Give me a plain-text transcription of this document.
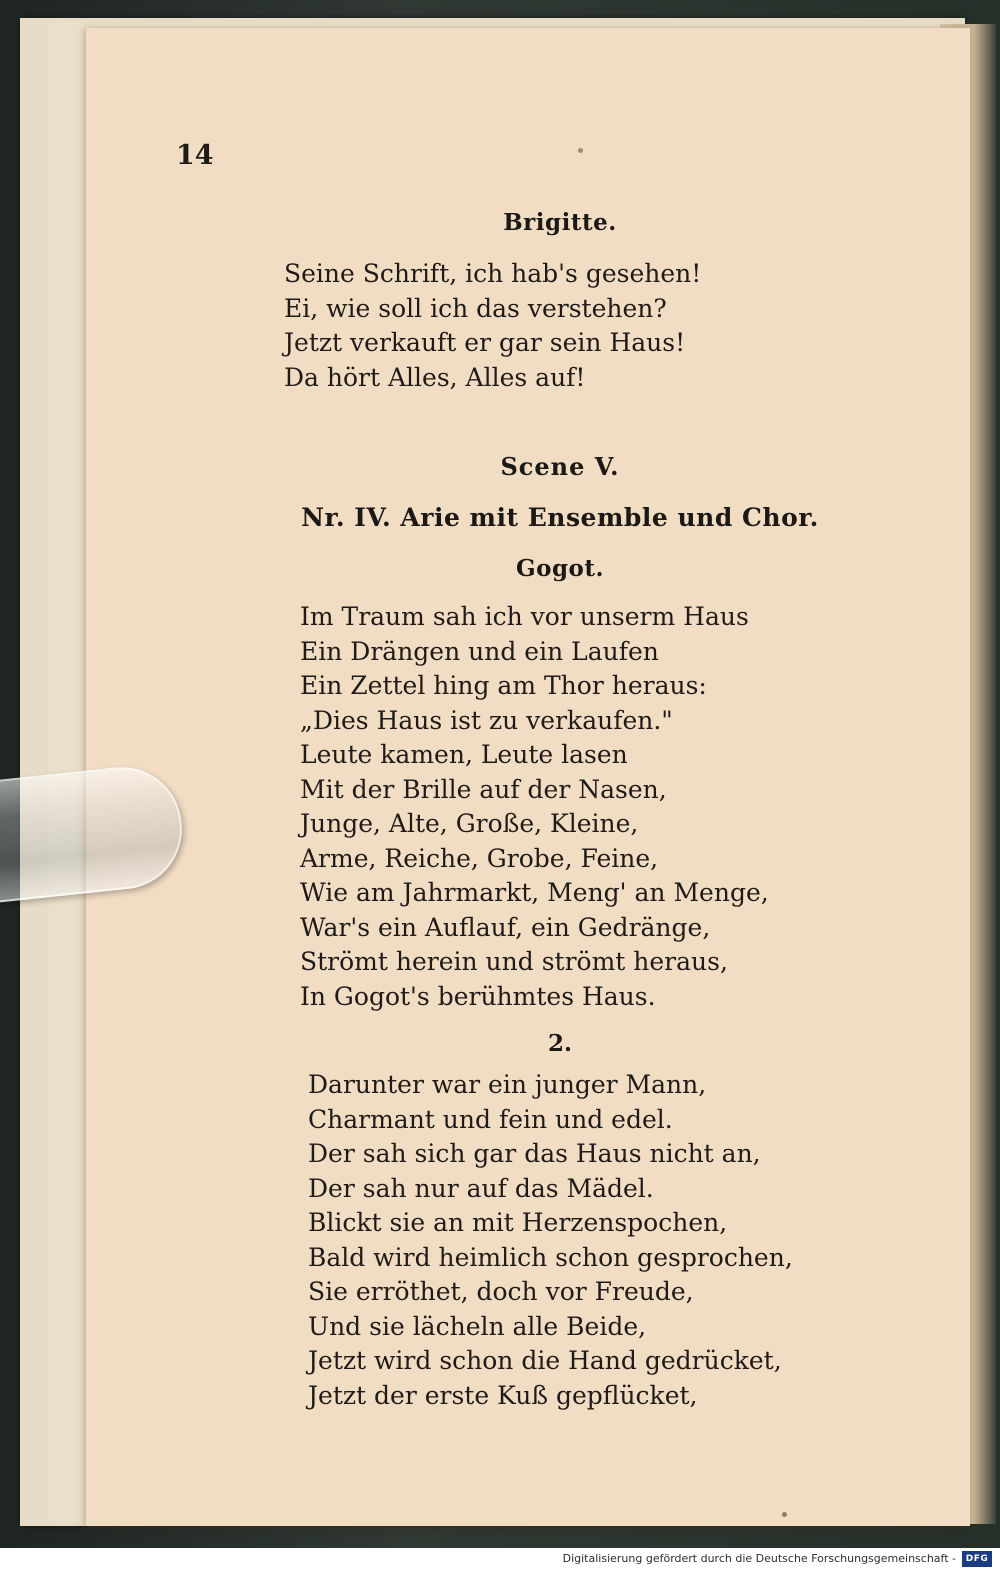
14
Brigitte.
Seine Schrift, ich hab's gesehen!
Ei, wie soll ich das verstehen?
Jetzt verkauft er gar sein Haus!
Da hört Alles, Alles auf!
Scene V.
Nr. IV. Arie mit Ensemble und Chor.
Gogot.
Im Traum sah ich vor unserm Haus
Ein Drängen und ein Laufen
Ein Zettel hing am Thor heraus:
„Dies Haus ist zu verkaufen."
Leute kamen, Leute lasen
Mit der Brille auf der Nasen,
Junge, Alte, Große, Kleine,
Arme, Reiche, Grobe, Feine,
Wie am Jahrmarkt, Meng' an Menge,
War's ein Auflauf, ein Gedränge,
Strömt herein und strömt heraus,
In Gogot's berühmtes Haus.
2.
Darunter war ein junger Mann,
Charmant und fein und edel.
Der sah sich gar das Haus nicht an,
Der sah nur auf das Mädel.
Blickt sie an mit Herzenspochen,
Bald wird heimlich schon gesprochen,
Sie erröthet, doch vor Freude,
Und sie lächeln alle Beide,
Jetzt wird schon die Hand gedrücket,
Jetzt der erste Kuß gepflücket,
Digitalisierung gefördert durch die Deutsche Forschungsgemeinschaft -	DFG
